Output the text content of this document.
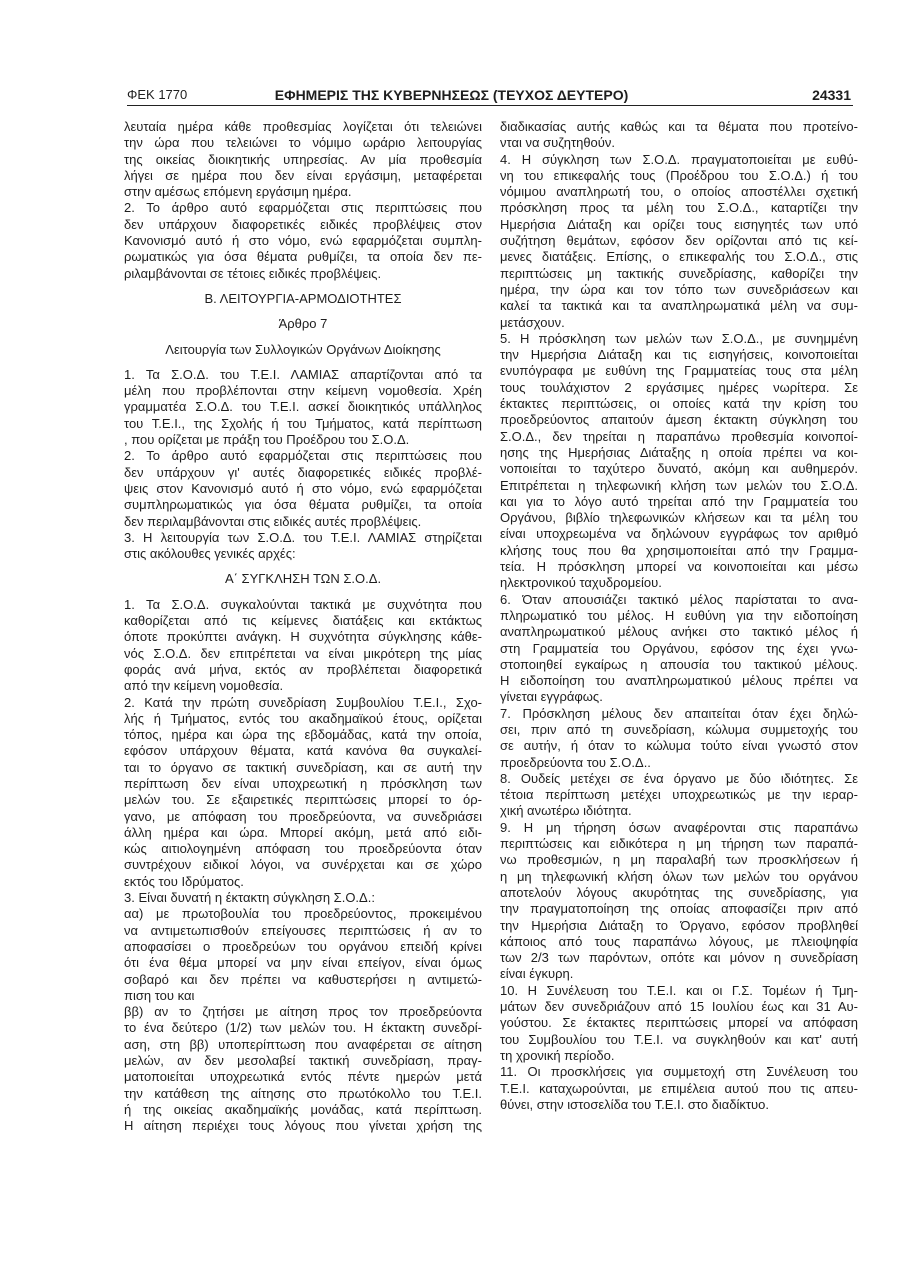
ΦΕΚ 1770	ΕΦΗΜΕΡΙΣ ΤΗΣ ΚΥΒΕΡΝΗΣΕΩΣ (ΤΕΥΧΟΣ ΔΕΥΤΕΡΟ)	24331
λευταία ημέρα κάθε προθεσμίας λογίζεται ότι τελειώνει
την ώρα που τελειώνει το νόμιμο ωράριο λειτουργίας
της οικείας διοικητικής υπηρεσίας. Αν μία προθεσμία
λήγει σε ημέρα που δεν είναι εργάσιμη, μεταφέρεται
στην αμέσως επόμενη εργάσιμη ημέρα.
2. Το άρθρο αυτό εφαρμόζεται στις περιπτώσεις που
δεν υπάρχουν διαφορετικές ειδικές προβλέψεις στον
Κανονισμό αυτό ή στο νόμο, ενώ εφαρμόζεται συμπλη-
ρωματικώς για όσα θέματα ρυθμίζει, τα οποία δεν πε-
ριλαμβάνονται σε τέτοιες ειδικές προβλέψεις.
Β. ΛΕΙΤΟΥΡΓΙΑ-ΑΡΜΟΔΙΟΤΗΤΕΣ
Άρθρο 7
Λειτουργία των Συλλογικών Οργάνων Διοίκησης
1. Τα Σ.Ο.Δ. του Τ.Ε.Ι. ΛΑΜΙΑΣ απαρτίζονται από τα
μέλη που προβλέπονται στην κείμενη νομοθεσία. Χρέη
γραμματέα Σ.Ο.Δ. του Τ.Ε.Ι. ασκεί διοικητικός υπάλληλος
του Τ.Ε.Ι., της Σχολής ή του Τμήματος, κατά περίπτωση
, που ορίζεται με πράξη του Προέδρου του Σ.Ο.Δ.
2. Το άρθρο αυτό εφαρμόζεται στις περιπτώσεις που
δεν υπάρχουν γι' αυτές διαφορετικές ειδικές προβλέ-
ψεις στον Κανονισμό αυτό ή στο νόμο, ενώ εφαρμόζεται
συμπληρωματικώς για όσα θέματα ρυθμίζει, τα οποία
δεν περιλαμβάνονται στις ειδικές αυτές προβλέψεις.
3. Η λειτουργία των Σ.Ο.Δ. του Τ.Ε.Ι. ΛΑΜΙΑΣ στηρίζεται
στις ακόλουθες γενικές αρχές:
Α΄ ΣΥΓΚΛΗΣΗ ΤΩΝ Σ.Ο.Δ.
1. Τα Σ.Ο.Δ. συγκαλούνται τακτικά με συχνότητα που
καθορίζεται από τις κείμενες διατάξεις και εκτάκτως
όποτε προκύπτει ανάγκη. Η συχνότητα σύγκλησης κάθε-
νός Σ.Ο.Δ. δεν επιτρέπεται να είναι μικρότερη της μίας
φοράς ανά μήνα, εκτός αν προβλέπεται διαφορετικά
από την κείμενη νομοθεσία.
2. Κατά την πρώτη συνεδρίαση Συμβουλίου Τ.Ε.Ι., Σχο-
λής ή Τμήματος, εντός του ακαδημαϊκού έτους, ορίζεται
τόπος, ημέρα και ώρα της εβδομάδας, κατά την οποία,
εφόσον υπάρχουν θέματα, κατά κανόνα θα συγκαλεί-
ται το όργανο σε τακτική συνεδρίαση, και σε αυτή την
περίπτωση δεν είναι υποχρεωτική η πρόσκληση των
μελών του. Σε εξαιρετικές περιπτώσεις μπορεί το όρ-
γανο, με απόφαση του προεδρεύοντα, να συνεδριάσει
άλλη ημέρα και ώρα. Μπορεί ακόμη, μετά από ειδι-
κώς αιτιολογημένη απόφαση του προεδρεύοντα όταν
συντρέχουν ειδικοί λόγοι, να συνέρχεται και σε χώρο
εκτός του Ιδρύματος.
3. Είναι δυνατή η έκτακτη σύγκληση Σ.Ο.Δ.:
αα) με πρωτοβουλία του προεδρεύοντος, προκειμένου
να αντιμετωπισθούν επείγουσες περιπτώσεις ή αν το
αποφασίσει ο προεδρεύων του οργάνου επειδή κρίνει
ότι ένα θέμα μπορεί να μην είναι επείγον, είναι όμως
σοβαρό και δεν πρέπει να καθυστερήσει η αντιμετώ-
πιση του και
ββ) αν το ζητήσει με αίτηση προς τον προεδρεύοντα
το ένα δεύτερο (1/2) των μελών του. Η έκτακτη συνεδρί-
αση, στη ββ) υποπερίπτωση που αναφέρεται σε αίτηση
μελών, αν δεν μεσολαβεί τακτική συνεδρίαση, πραγ-
ματοποιείται υποχρεωτικά εντός πέντε ημερών μετά
την κατάθεση της αίτησης στο πρωτόκολλο του Τ.Ε.Ι.
ή της οικείας ακαδημαϊκής μονάδας, κατά περίπτωση.
Η αίτηση περιέχει τους λόγους που γίνεται χρήση της
διαδικασίας αυτής καθώς και τα θέματα που προτείνο-
νται να συζητηθούν.
4. Η σύγκληση των Σ.Ο.Δ. πραγματοποιείται με ευθύ-
νη του επικεφαλής τους (Προέδρου του Σ.Ο.Δ.) ή του
νόμιμου αναπληρωτή του, ο οποίος αποστέλλει σχετική
πρόσκληση προς τα μέλη του Σ.Ο.Δ., καταρτίζει την
Ημερήσια Διάταξη και ορίζει τους εισηγητές των υπό
συζήτηση θεμάτων, εφόσον δεν ορίζονται από τις κεί-
μενες διατάξεις. Επίσης, ο επικεφαλής του Σ.Ο.Δ., στις
περιπτώσεις μη τακτικής συνεδρίασης, καθορίζει την
ημέρα, την ώρα και τον τόπο των συνεδριάσεων και
καλεί τα τακτικά και τα αναπληρωματικά μέλη να συμ-
μετάσχουν.
5. Η πρόσκληση των μελών των Σ.Ο.Δ., με συνημμένη
την Ημερήσια Διάταξη και τις εισηγήσεις, κοινοποιείται
ενυπόγραφα με ευθύνη της Γραμματείας τους στα μέλη
τους τουλάχιστον 2 εργάσιμες ημέρες νωρίτερα. Σε
έκτακτες περιπτώσεις, οι οποίες κατά την κρίση του
προεδρεύοντος απαιτούν άμεση έκτακτη σύγκληση του
Σ.Ο.Δ., δεν τηρείται η παραπάνω προθεσμία κοινοποί-
ησης της Ημερήσιας Διάταξης η οποία πρέπει να κοι-
νοποιείται το ταχύτερο δυνατό, ακόμη και αυθημερόν.
Επιτρέπεται η τηλεφωνική κλήση των μελών του Σ.Ο.Δ.
και για το λόγο αυτό τηρείται από την Γραμματεία του
Οργάνου, βιβλίο τηλεφωνικών κλήσεων και τα μέλη του
είναι υποχρεωμένα να δηλώνουν εγγράφως τον αριθμό
κλήσης τους που θα χρησιμοποιείται από την Γραμμα-
τεία. Η πρόσκληση μπορεί να κοινοποιείται και μέσω
ηλεκτρονικού ταχυδρομείου.
6. Όταν απουσιάζει τακτικό μέλος παρίσταται το ανα-
πληρωματικό του μέλος. Η ευθύνη για την ειδοποίηση
αναπληρωματικού μέλους ανήκει στο τακτικό μέλος ή
στη Γραμματεία του Οργάνου, εφόσον της έχει γνω-
στοποιηθεί εγκαίρως η απουσία του τακτικού μέλους.
Η ειδοποίηση του αναπληρωματικού μέλους πρέπει να
γίνεται εγγράφως.
7. Πρόσκληση μέλους δεν απαιτείται όταν έχει δηλώ-
σει, πριν από τη συνεδρίαση, κώλυμα συμμετοχής του
σε αυτήν, ή όταν το κώλυμα τούτο είναι γνωστό στον
προεδρεύοντα του Σ.Ο.Δ..
8. Ουδείς μετέχει σε ένα όργανο με δύο ιδιότητες. Σε
τέτοια περίπτωση μετέχει υποχρεωτικώς με την ιεραρ-
χική ανωτέρω ιδιότητα.
9. Η μη τήρηση όσων αναφέρονται στις παραπάνω
περιπτώσεις και ειδικότερα η μη τήρηση των παραπά-
νω προθεσμιών, η μη παραλαβή των προσκλήσεων ή
η μη τηλεφωνική κλήση όλων των μελών του οργάνου
αποτελούν λόγους ακυρότητας της συνεδρίασης, για
την πραγματοποίηση της οποίας αποφασίζει πριν από
την Ημερήσια Διάταξη το Όργανο, εφόσον προβληθεί
κάποιος από τους παραπάνω λόγους, με πλειοψηφία
των 2/3 των παρόντων, οπότε και μόνον η συνεδρίαση
είναι έγκυρη.
10. Η Συνέλευση του Τ.Ε.Ι. και οι Γ.Σ. Τομέων ή Τμη-
μάτων δεν συνεδριάζουν από 15 Ιουλίου έως και 31 Αυ-
γούστου. Σε έκτακτες περιπτώσεις μπορεί να απόφαση
του Συμβουλίου του Τ.Ε.Ι. να συγκληθούν και κατ' αυτή
τη χρονική περίοδο.
11. Οι προσκλήσεις για συμμετοχή στη Συνέλευση του
Τ.Ε.Ι. καταχωρούνται, με επιμέλεια αυτού που τις απευ-
θύνει, στην ιστοσελίδα του Τ.Ε.Ι. στο διαδίκτυο.
